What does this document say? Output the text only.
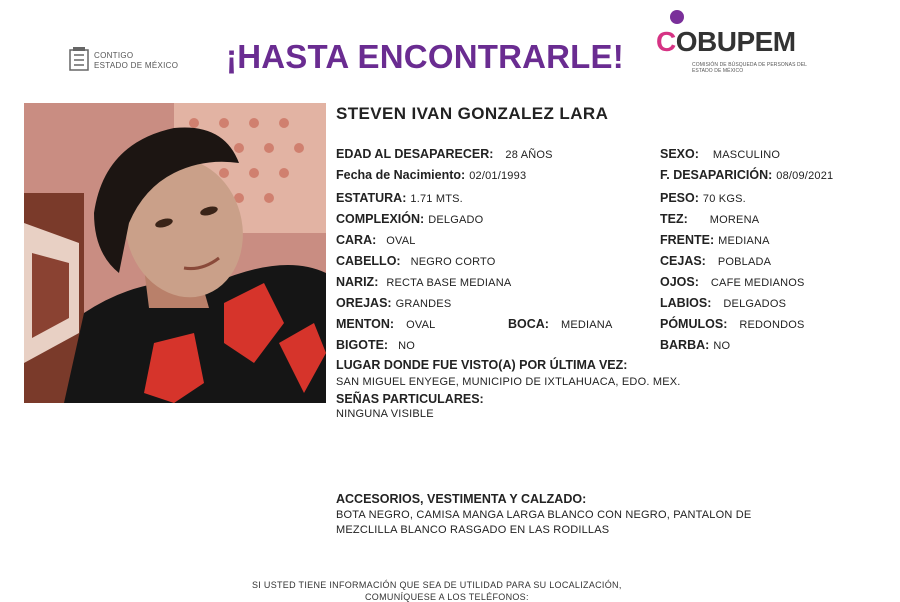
CONTIGO
ESTADO DE MÉXICO ¡HASTA ENCONTRARLE! COBUPEM
COMISIÓN DE BÚSQUEDA DE PERSONAS DEL ESTADO DE MÉXICO
STEVEN IVAN GONZALEZ LARA
EDAD AL DESAPARECER: 28 AÑOS	SEXO: MASCULINO
Fecha de Nacimiento: 02/01/1993	F. DESAPARICIÓN: 08/09/2021
ESTATURA: 1.71 MTS.	PESO: 70 KGS.
COMPLEXIÓN: DELGADO	TEZ: MORENA
CARA: OVAL	FRENTE: MEDIANA
CABELLO: NEGRO CORTO	CEJAS: POBLADA
NARIZ: RECTA BASE MEDIANA	OJOS: CAFE MEDIANOS
OREJAS: GRANDES	LABIOS: DELGADOS
MENTON: OVAL	BOCA: MEDIANA	PÓMULOS: REDONDOS
BIGOTE: NO	BARBA: NO
LUGAR DONDE FUE VISTO(A) POR ÚLTIMA VEZ:
SAN MIGUEL ENYEGE, MUNICIPIO DE IXTLAHUACA, EDO. MEX.
SEÑAS PARTICULARES:
NINGUNA VISIBLE
ACCESORIOS, VESTIMENTA Y CALZADO:
BOTA NEGRO, CAMISA MANGA LARGA BLANCO CON NEGRO, PANTALON DE
MEZCLILLA BLANCO RASGADO EN LAS RODILLAS
SI USTED TIENE INFORMACIÓN QUE SEA DE UTILIDAD PARA SU LOCALIZACIÓN,
COMUNÍQUESE A LOS TELÉFONOS:
